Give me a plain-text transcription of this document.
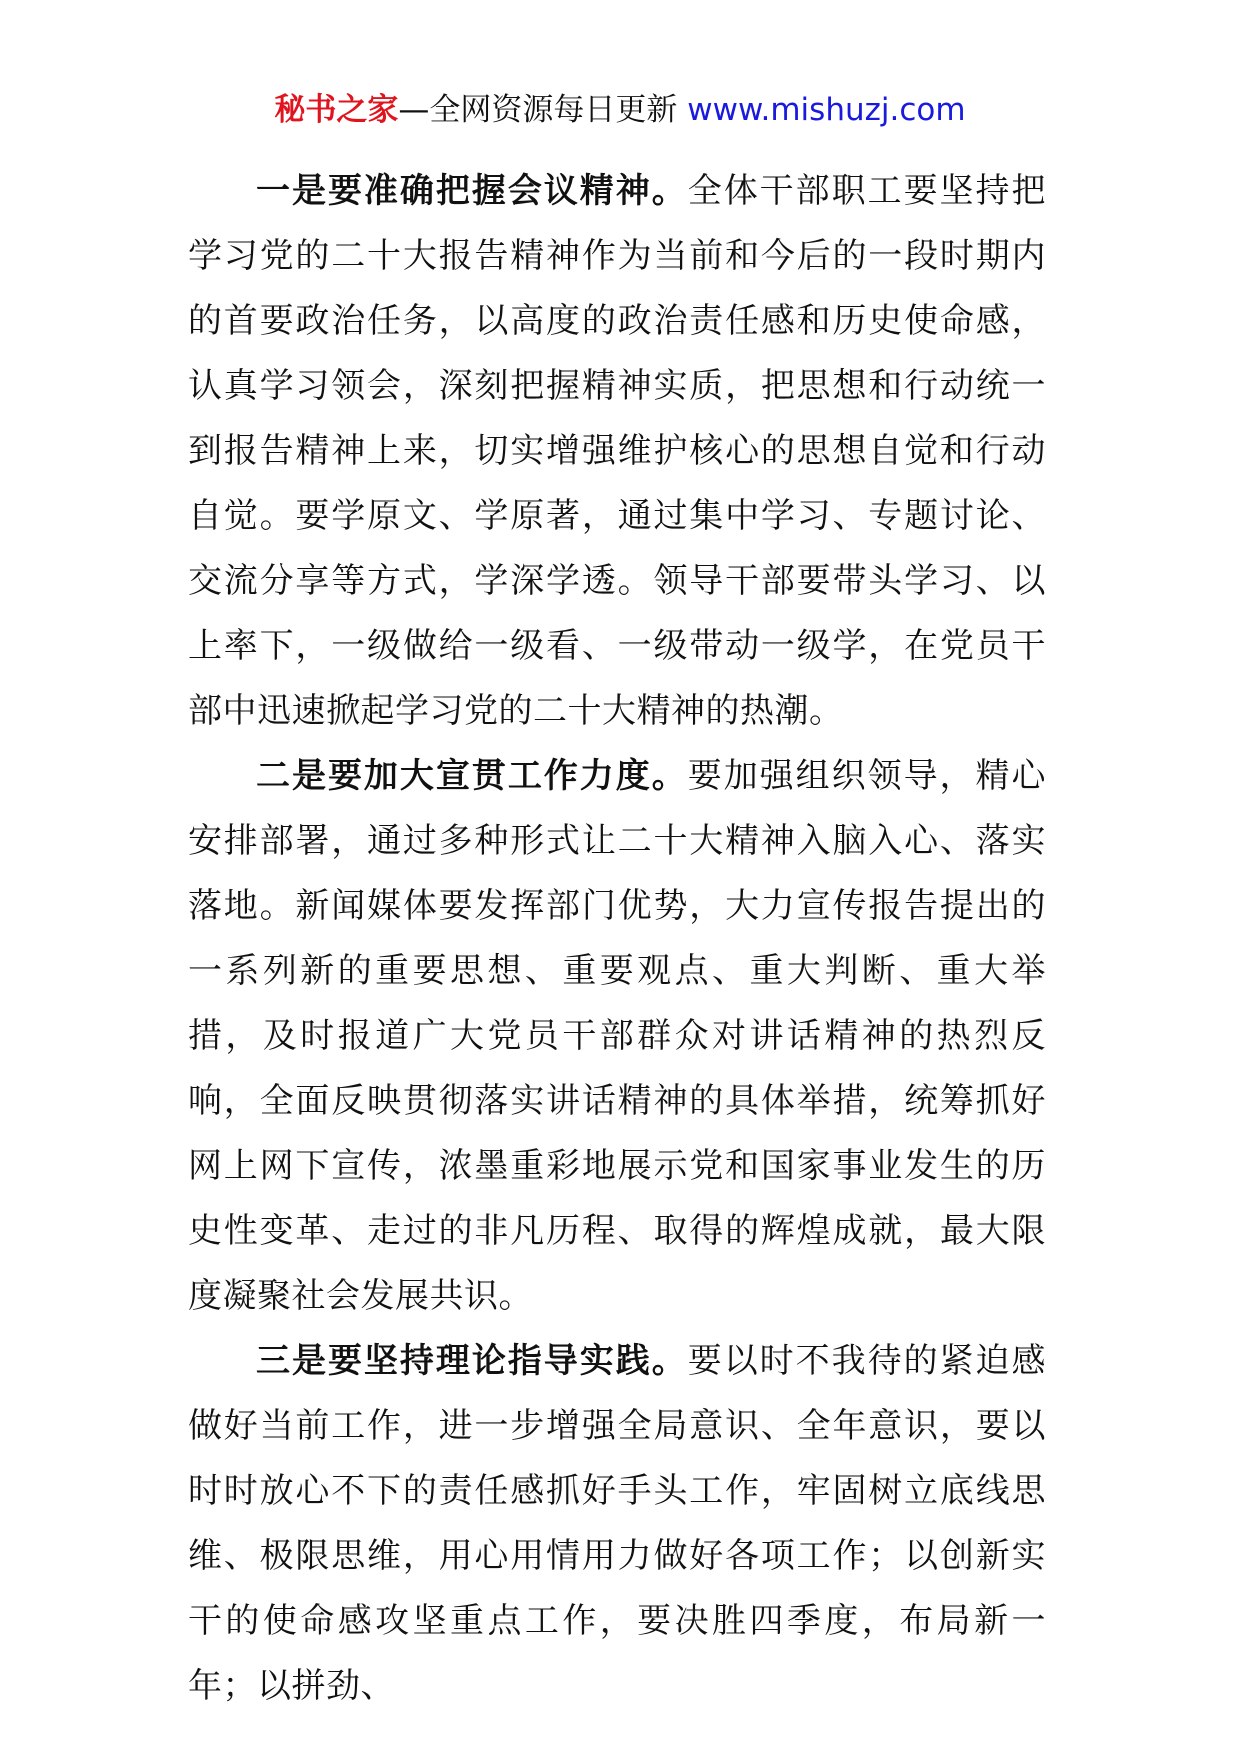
秘书之家—全网资源每日更新 www.mishuzj.com

一是要准确把握会议精神。全体干部职工要坚持把学习党的二十大报告精神作为当前和今后的一段时期内的首要政治任务，以高度的政治责任感和历史使命感，认真学习领会，深刻把握精神实质，把思想和行动统一到报告精神上来，切实增强维护核心的思想自觉和行动自觉。要学原文、学原著，通过集中学习、专题讨论、交流分享等方式，学深学透。领导干部要带头学习、以上率下，一级做给一级看、一级带动一级学，在党员干部中迅速掀起学习党的二十大精神的热潮。

二是要加大宣贯工作力度。要加强组织领导，精心安排部署，通过多种形式让二十大精神入脑入心、落实落地。新闻媒体要发挥部门优势，大力宣传报告提出的一系列新的重要思想、重要观点、重大判断、重大举措，及时报道广大党员干部群众对讲话精神的热烈反响，全面反映贯彻落实讲话精神的具体举措，统筹抓好网上网下宣传，浓墨重彩地展示党和国家事业发生的历史性变革、走过的非凡历程、取得的辉煌成就，最大限度凝聚社会发展共识。

三是要坚持理论指导实践。要以时不我待的紧迫感做好当前工作，进一步增强全局意识、全年意识，要以时时放心不下的责任感抓好手头工作，牢固树立底线思维、极限思维，用心用情用力做好各项工作；以创新实干的使命感攻坚重点工作，要决胜四季度，布局新一年；以拼劲、
